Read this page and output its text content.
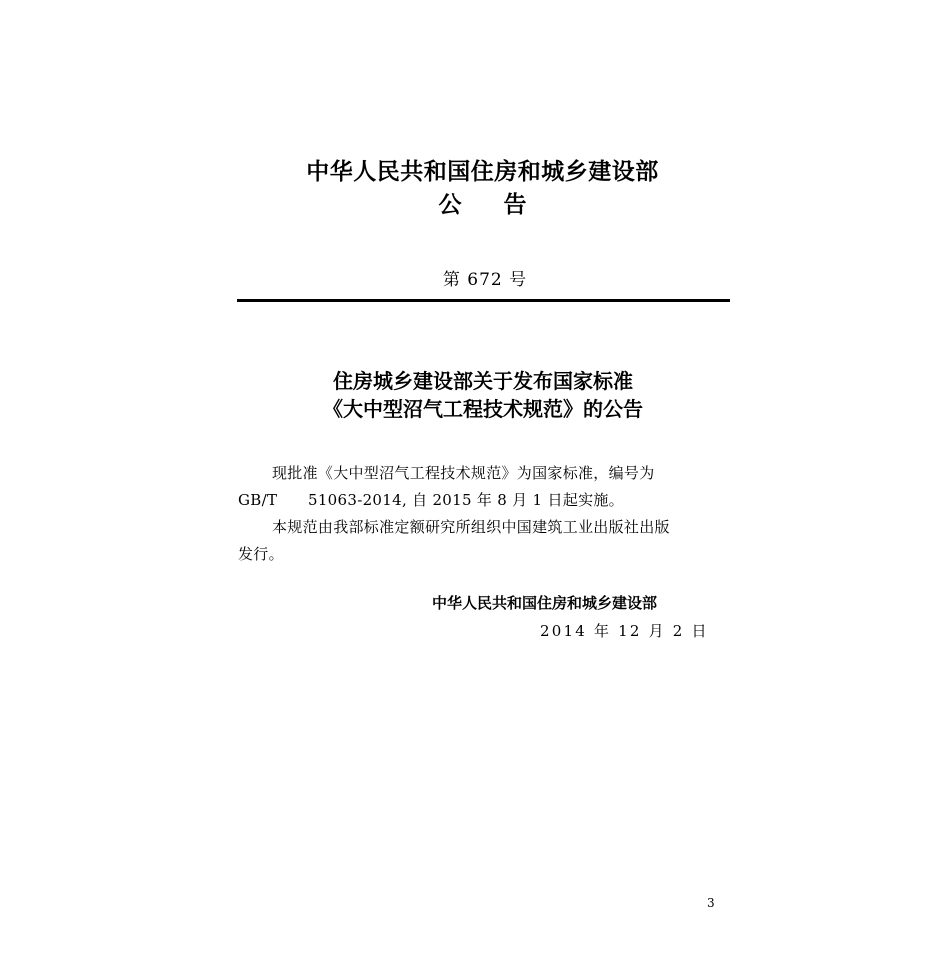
中华人民共和国住房和城乡建设部
公 告
第 672 号
住房城乡建设部关于发布国家标准
《大中型沼气工程技术规范》的公告
现批准《大中型沼气工程技术规范》为国家标准，编号为
GB/T 51063-2014, 自 2015 年 8 月 1 日起实施。
本规范由我部标准定额研究所组织中国建筑工业出版社出版
发行。
中华人民共和国住房和城乡建设部
2014 年 12 月 2 日
3
